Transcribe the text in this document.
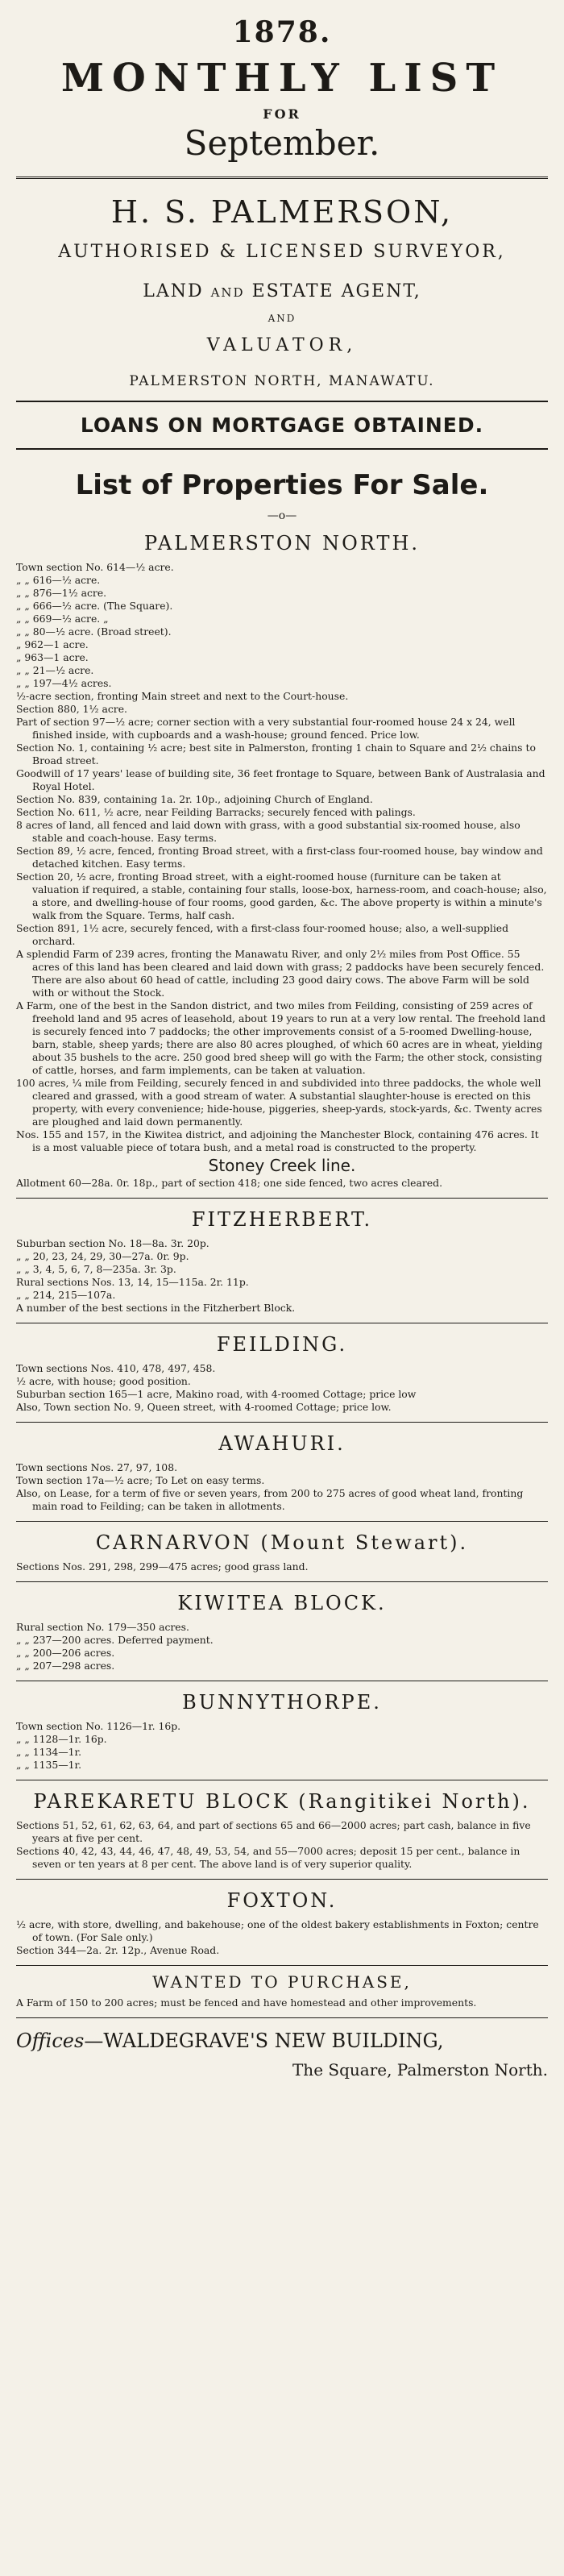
1878.

MONTHLY LIST

FOR

September.

H. S. PALMERSON,

AUTHORISED & LICENSED SURVEYOR,

LAND AND ESTATE AGENT,

AND

VALUATOR,

PALMERSTON NORTH, MANAWATU.

LOANS ON MORTGAGE OBTAINED.

List of Properties For Sale.

—o—

PALMERSTON NORTH.

Town section No. 614—½ acre.

„ „ 616—½ acre.

„ „ 876—1½ acre.

„ „ 666—½ acre. (The Square).

„ „ 669—½ acre. „

„ „ 80—½ acre. (Broad street).

„ 962—1 acre.

„ 963—1 acre.

„ „ 21—½ acre.

„ „ 197—4½ acres.

½-acre section, fronting Main street and next to the Court-house.

Section 880, 1½ acre.

Part of section 97—½ acre; corner section with a very substantial four-roomed house 24 x 24, well finished inside, with cupboards and a wash-house; ground fenced. Price low.

Section No. 1, containing ½ acre; best site in Palmerston, fronting 1 chain to Square and 2½ chains to Broad street.

Goodwill of 17 years' lease of building site, 36 feet frontage to Square, between Bank of Australasia and Royal Hotel.

Section No. 839, containing 1a. 2r. 10p., adjoining Church of England.

Section No. 611, ½ acre, near Feilding Barracks; securely fenced with palings.

8 acres of land, all fenced and laid down with grass, with a good substantial six-roomed house, also stable and coach-house. Easy terms.

Section 89, ½ acre, fenced, fronting Broad street, with a first-class four-roomed house, bay window and detached kitchen. Easy terms.

Section 20, ½ acre, fronting Broad street, with a eight-roomed house (furniture can be taken at valuation if required, a stable, containing four stalls, loose-box, harness-room, and coach-house; also, a store, and dwelling-house of four rooms, good garden, &c. The above property is within a minute's walk from the Square. Terms, half cash.

Section 891, 1½ acre, securely fenced, with a first-class four-roomed house; also, a well-supplied orchard.

A splendid Farm of 239 acres, fronting the Manawatu River, and only 2½ miles from Post Office. 55 acres of this land has been cleared and laid down with grass; 2 paddocks have been securely fenced. There are also about 60 head of cattle, including 23 good dairy cows. The above Farm will be sold with or without the Stock.

A Farm, one of the best in the Sandon district, and two miles from Feilding, consisting of 259 acres of freehold land and 95 acres of leasehold, about 19 years to run at a very low rental. The freehold land is securely fenced into 7 paddocks; the other improvements consist of a 5-roomed Dwelling-house, barn, stable, sheep yards; there are also 80 acres ploughed, of which 60 acres are in wheat, yielding about 35 bushels to the acre. 250 good bred sheep will go with the Farm; the other stock, consisting of cattle, horses, and farm implements, can be taken at valuation.

100 acres, ¼ mile from Feilding, securely fenced in and subdivided into three paddocks, the whole well cleared and grassed, with a good stream of water. A substantial slaughter-house is erected on this property, with every convenience; hide-house, piggeries, sheep-yards, stock-yards, &c. Twenty acres are ploughed and laid down permanently.

Nos. 155 and 157, in the Kiwitea district, and adjoining the Manchester Block, containing 476 acres. It is a most valuable piece of totara bush, and a metal road is constructed to the property.

Stoney Creek line.

Allotment 60—28a. 0r. 18p., part of section 418; one side fenced, two acres cleared.

FITZHERBERT.

Suburban section No. 18—8a. 3r. 20p.

„ „ 20, 23, 24, 29, 30—27a. 0r. 9p.

„ „ 3, 4, 5, 6, 7, 8—235a. 3r. 3p.

Rural sections Nos. 13, 14, 15—115a. 2r. 11p.

„ „ 214, 215—107a.

A number of the best sections in the Fitzherbert Block.

FEILDING.

Town sections Nos. 410, 478, 497, 458.

½ acre, with house; good position.

Suburban section 165—1 acre, Makino road, with 4-roomed Cottage; price low

Also, Town section No. 9, Queen street, with 4-roomed Cottage; price low.

AWAHURI.

Town sections Nos. 27, 97, 108.

Town section 17a—½ acre; To Let on easy terms.

Also, on Lease, for a term of five or seven years, from 200 to 275 acres of good wheat land, fronting main road to Feilding; can be taken in allotments.

CARNARVON (Mount Stewart).

Sections Nos. 291, 298, 299—475 acres; good grass land.

KIWITEA BLOCK.

Rural section No. 179—350 acres.

„ „ 237—200 acres. Deferred payment.

„ „ 200—206 acres.

„ „ 207—298 acres.

BUNNYTHORPE.

Town section No. 1126—1r. 16p.

„ „ 1128—1r. 16p.

„ „ 1134—1r.

„ „ 1135—1r.

PAREKARETU BLOCK (Rangitikei North).

Sections 51, 52, 61, 62, 63, 64, and part of sections 65 and 66—2000 acres; part cash, balance in five years at five per cent.

Sections 40, 42, 43, 44, 46, 47, 48, 49, 53, 54, and 55—7000 acres; deposit 15 per cent., balance in seven or ten years at 8 per cent. The above land is of very superior quality.

FOXTON.

½ acre, with store, dwelling, and bakehouse; one of the oldest bakery establishments in Foxton; centre of town. (For Sale only.)

Section 344—2a. 2r. 12p., Avenue Road.

WANTED TO PURCHASE,

A Farm of 150 to 200 acres; must be fenced and have homestead and other improvements.

Offices—WALDEGRAVE'S NEW BUILDING,

The Square, Palmerston North.
